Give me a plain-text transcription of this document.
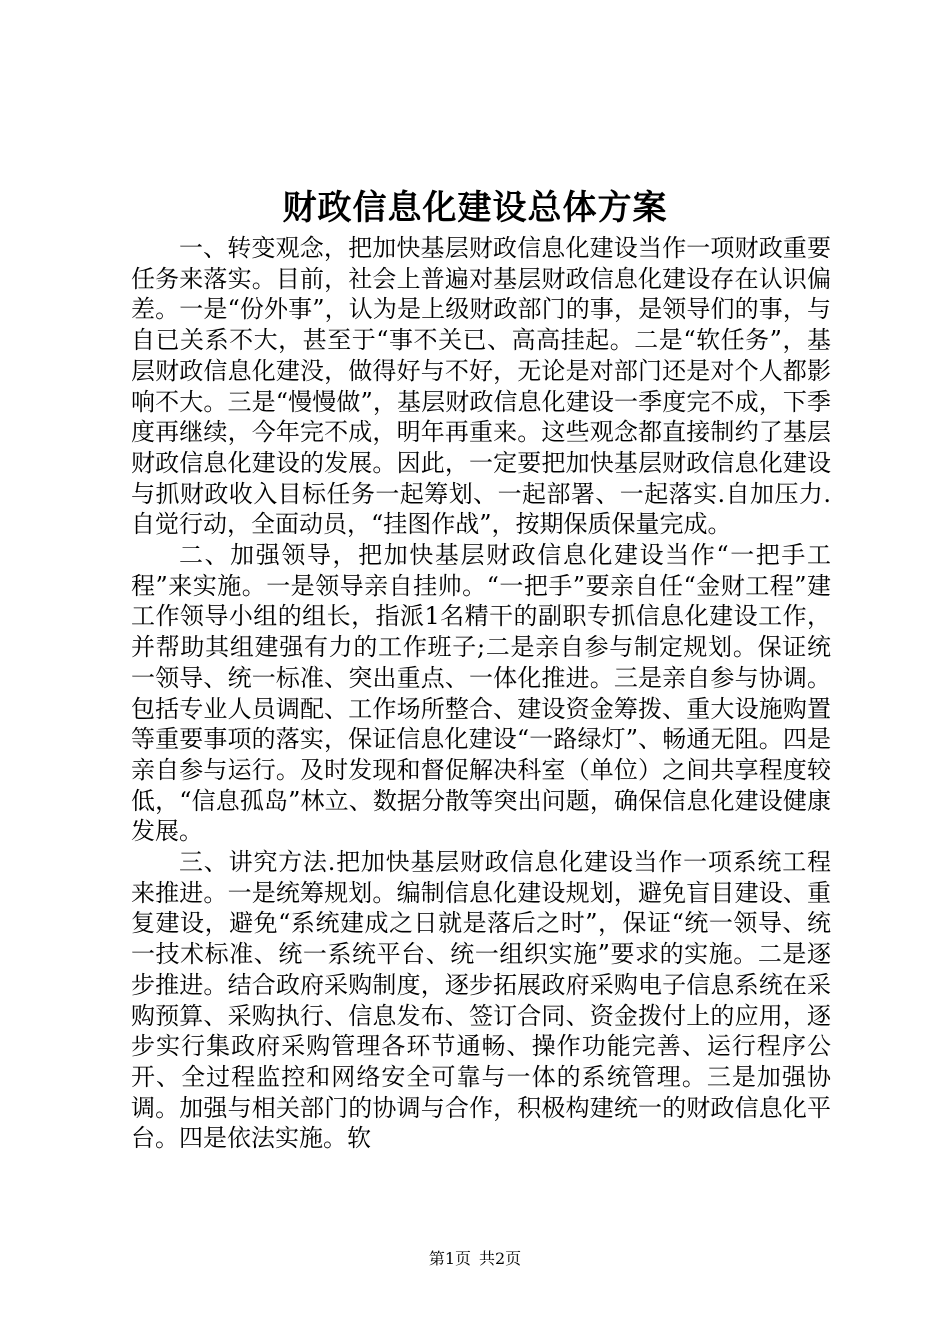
财政信息化建设总体方案

一、转变观念，把加快基层财政信息化建设当作一项财政重要任务来落实。目前，社会上普遍对基层财政信息化建设存在认识偏差。一是“份外事”，认为是上级财政部门的事，是领导们的事，与自已关系不大，甚至于“事不关已、高高挂起。二是“软任务”，基层财政信息化建没，做得好与不好，无论是对部门还是对个人都影响不大。三是“慢慢做”，基层财政信息化建设一季度完不成，下季度再继续，今年完不成，明年再重来。这些观念都直接制约了基层财政信息化建设的发展。因此，一定要把加快基层财政信息化建设与抓财政收入目标任务一起筹划、一起部署、一起落实.自加压力.自觉行动，全面动员，“挂图作战”，按期保质保量完成。

二、加强领导，把加快基层财政信息化建设当作“一把手工程”来实施。一是领导亲自挂帅。“一把手”要亲自任“金财工程”建工作领导小组的组长，指派1名精干的副职专抓信息化建设工作，并帮助其组建强有力的工作班子;二是亲自参与制定规划。保证统一领导、统一标准、突出重点、一体化推进。三是亲自参与协调。包括专业人员调配、工作场所整合、建设资金筹拨、重大设施购置等重要事项的落实，保证信息化建设“一路绿灯”、畅通无阻。四是亲自参与运行。及时发现和督促解决科室（单位）之间共享程度较低，“信息孤岛”林立、数据分散等突出问题，确保信息化建设健康发展。

三、讲究方法.把加快基层财政信息化建设当作一项系统工程来推进。一是统筹规划。编制信息化建设规划，避免盲目建设、重复建设，避免“系统建成之日就是落后之时”，保证“统一领导、统一技术标准、统一系统平台、统一组织实施”要求的实施。二是逐步推进。结合政府采购制度，逐步拓展政府采购电子信息系统在采购预算、采购执行、信息发布、签订合同、资金拨付上的应用，逐步实行集政府采购管理各环节通畅、操作功能完善、运行程序公开、全过程监控和网络安全可靠与一体的系统管理。三是加强协调。加强与相关部门的协调与合作，积极构建统一的财政信息化平台。四是依法实施。软

第1页 共2页
